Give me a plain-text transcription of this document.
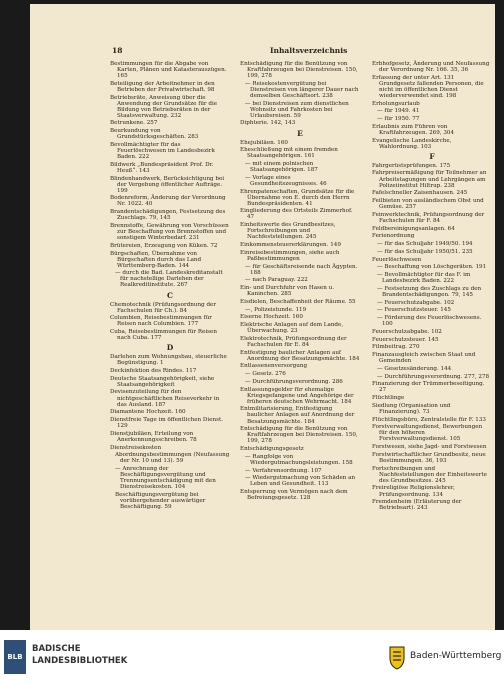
18	Inhaltsverzeichnis
Bestimmungen für die Abgabe von Karten, Plänen und Katasterauszügen. 165
Beteiligung der Arbeitnehmer in den Betrieben der Privatwirtschaft. 98
Betriebsräte, Anweisung über die Anwendung der Grundsätze für die Bildung von Betriebsräten in der Staatsverwaltung. 232
Betrunkene. 257
Beurkundung von Grundstücksgeschäften. 283
Bevollmächtigter für das Feuerlöschwesen im Landesbezirk Baden. 222
Bildwerk „Bundespräsident Prof. Dr. Heuß“. 143
Blindenhandwerk, Berücksichtigung bei der Vergebung öffentlicher Aufträge. 199
Bodenreform, Änderung der Verordnung Nr. 1022. 40
Brandentschädigungen, Festsetzung des Zuschlags. 79, 145
Brennstoffe, Gewährung von Vorschüssen zur Beschaffung von Brennstoffen und sonstigem Winterbedarf. 231
Brütereien, Erzeugung von Küken. 72
Bürgschaften, Übernahme von Bürgschaften durch das Land Württemberg-Baden. 144
— durch die Bad. Landeskreditanstalt für nachstellige Darlehen der Realkreditinstitute. 267
C
Chemotechnik (Prüfungsordnung der Fachschulen für Ch.). 84
Columbien, Reisebestimmungen für Reisen nach Columbien. 177
Cuba, Reisebestimmungen für Reisen nach Cuba. 177
D
Darlehen zum Wohnungsbau, steuerliche Begünstigung. 1
Deckinfektion des Rindes. 117
Deutsche Staatsangehörigkeit, siehe Staatsangehörigkeit
Devisenzuteilung für den nichtgeschäftlichen Reiseverkehr in das Ausland. 187
Diamantene Hochzeit. 160
Dienstfreie Tage im öffentlichen Dienst. 129
Dienstjubiläen, Erteilung von Anerkennungsschreiben. 78
Dienstreisekosten
Abordnungsbestimmungen (Neufassung der Nr. 10 und 13). 59
— Anrechnung der Beschäftigungsvergütung und Trennungsentschädigung mit den Dienstreisekosten. 104
Beschäftigungsvergütung bei vorübergehender auswärtiger Beschäftigung. 59
Entschädigung für die Benützung von Kraftfahrzeugen bei Dienstreisen. 150, 199, 278
— Reisekostenvergütung bei Dienstreisen von längerer Dauer nach demselben Geschäftsort. 238
— bei Dienstreisen zum dienstlichen Wohnsitz und Fahrkosten bei Urlaubsreisen. 59
Diphterie. 142, 143
E
Ehejubiläen. 160
Eheschließung mit einem fremden Staatsangehörigen. 161
— mit einem polnischen Staatsangehörigen. 187
— Vorlage eines Gesundheitszeugnisses. 46
Ehrenpatenschaften, Grundsätze für die Übernahme von E. durch den Herrn Bundespräsidenten. 41
Eingliederung des Ortsteils Zimmerhof. 47
Einheitswerte des Grundbesitzes, Fortschreibungen und Nachfeststellungen. 245
Einkommensteuererklärungen. 149
Einreisebestimmungen, siehe auch Paßbestimmungen
— für Geschäftsreisende nach Ägypten. 188
— nach Paraguay. 222
Ein- und Durchfuhr von Hasen u. Kaninchen. 285
Eisdielen, Beschaffenheit der Räume. 55
—, Polizeistunde. 119
Eiserne Hochzeit. 160
Elektrische Anlagen auf dem Lande, Überwachung. 23
Elektrotechnik, Prüfungsordnung der Fachschulen für E. 84
Entfestigung baulicher Anlagen auf Anordnung der Besatzungsmächte. 184
Entlassenenversorgung
— Gesetz. 276
— Durchführungsverordnung. 286
Entlassungsgelder für ehemalige Kriegsgefangene und Angehörige der früheren deutschen Wehrmacht. 184
Entmilitarisierung, Entfestigung baulicher Anlagen auf Anordnung der Besatzungsmächte. 184
Entschädigung für die Benützung von Kraftfahrzeugen bei Dienstreisen. 150, 199, 278
Entschädigungsgesetz
— Rangfolge von Wiedergutmachungsleistungen. 158
— Verfahrensordnung. 107
— Wiedergutmachung von Schäden an Leben und Gesundheit. 113
Entsperrung von Vermögen nach dem Befreiungsgesetz. 128
Erbhofgesetz, Änderung und Neufassung der Verordnung Nr. 166. 35, 36
Erfassung der unter Art. 131 Grundgesetz fallenden Personen, die nicht im öffentlichen Dienst wiederverwendet sind. 198
Erholungsurlaub
— für 1949. 41
— für 1950. 77
Erlaubnis zum Führen von Kraftfahrzeugen. 269, 304
Evangelische Landeskirche, Wahlordnung. 103
F
Fahrgerüstsprüfungen. 175
Fahrpreisermäßigung für Teilnehmer an Arbeitstagungen und Lehrgängen am Polizeiinstitut Hiltrup. 238
Fafelschneller Zaisenhausen. 245
Feilbieten von ausländischem Obst und Gemüse. 257
Feinwerktechnik, Prüfungsordnung der Fachschulen für F. 84
Feldbereinigungsanlagen. 64
Ferienordnung
— für das Schuljahr 1949/50. 194
— für das Schuljahr 1950/51. 235
Feuerlöschwesen
— Beschaffung von Löschgeräten. 191
— Bevollmächtigter für das F. im Landesbezirk Baden. 222
— Festsetzung des Zuschlags zu den Brandentschädigungen. 79, 145
— Feuerschutzabgabe. 102
— Feuerschutzsteuer. 145
— Förderung des Feuerlöschwesens. 100
Feuerschutzabgabe. 102
Feuerschutzsteuer. 145
Filmbeitrag. 270
Finanzausgleich zwischen Staat und Gemeinden
— Gesetzesänderung. 144
— Durchführungsverordnung. 277, 278
Finanzierung der Trümmerbeseitigung. 27
Flüchtlinge
Siedlung (Organisation und Finanzierung). 73
Flüchtlingsbüro, Zentralstelle für F. 133
Forstverwaltungsdienst, Bewerbungen für den höheren Forstverwaltungsdienst. 105
Forstwesen, siehe Jagd- und Forstwesen
Forstwirtschaftlicher Grundbesitz, neue Bestimmungen. 36, 193
Fortschreibungen und Nachfeststellungen der Einheitswerte des Grundbesitzes. 245
Freireligiöse Religionslehrer, Prüfungsordnung. 134
Fremdenheim (Erläuterung der Betriebsart). 243
BLB
BADISCHE
LANDESBIBLIOTHEK	Baden-Württemberg
